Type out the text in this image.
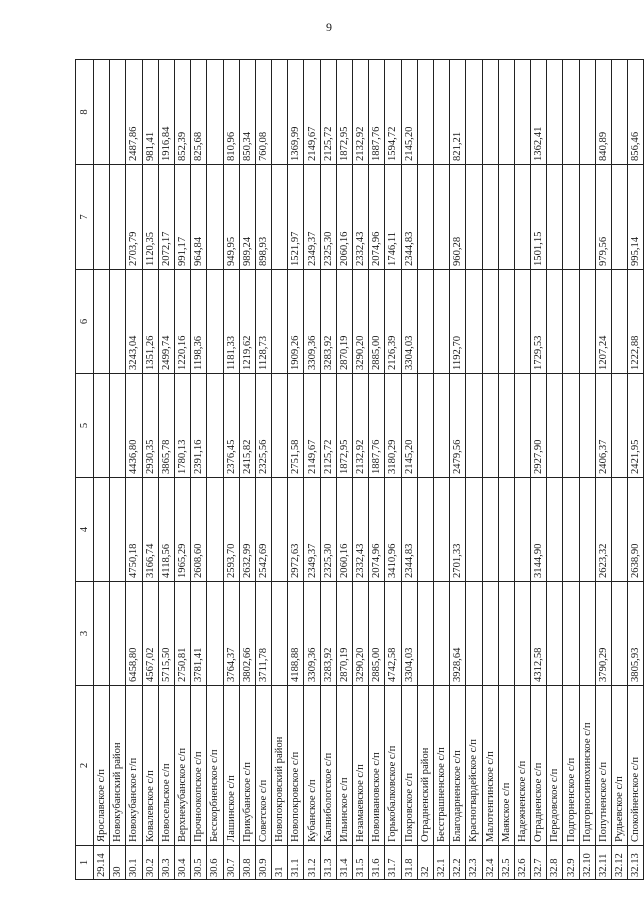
9
1	2	3	4	5	6	7	8
29.14	Ярославское с/п						
30	Новокубанский район						
30.1	Новокубанское г/п	6458,80	4750,18	4436,80	3243,04	2703,79	2487,86
30.2	Ковалевское с/п	4567,02	3166,74	2930,35	1351,26	1120,35	981,41
30.3	Новосельское с/п	5715,50	4118,56	3865,78	2499,74	2072,17	1916,84
30.4	Верхнекубанское с/п	2750,81	1965,29	1780,13	1220,16	991,17	852,39
30.5	Прочноокопское с/п	3781,41	2608,60	2391,16	1198,36	964,84	825,68
30.6	Бесскорбненское с/п						
30.7	Лашинское с/п	3764,37	2593,70	2376,45	1181,33	949,95	810,96
30.8	Прикубанское с/п	3802,66	2632,99	2415,82	1219,62	989,24	850,34
30.9	Советское с/п	3711,78	2542,69	2325,56	1128,73	898,93	760,08
31	Новопокровский район						
31.1	Новопокровское с/п	4188,88	2972,63	2751,58	1909,26	1521,97	1369,99
31.2	Кубанское с/п	3309,36	2349,37	2149,67	3309,36	2349,37	2149,67
31.3	Калнибологское с/п	3283,92	2325,30	2125,72	3283,92	2325,30	2125,72
31.4	Ильинское с/п	2870,19	2060,16	1872,95	2870,19	2060,16	1872,95
31.5	Незамаевское с/п	3290,20	2332,43	2132,92	3290,20	2332,43	2132,92
31.6	Новоивановское с/п	2885,00	2074,96	1887,76	2885,00	2074,96	1887,76
31.7	Горькобалковское с/п	4742,58	3410,96	3180,29	2126,39	1746,11	1594,72
31.8	Покровское с/п	3304,03	2344,83	2145,20	3304,03	2344,83	2145,20
32	Отрадненский район						
32.1	Бесстрашненское с/п						
32.2	Благодарненское с/п	3928,64	2701,33	2479,56	1192,70	960,28	821,21
32.3	Красногвардейское с/п						
32.4	Малотенгинское с/п						
32.5	Маякское с/п						
32.6	Надежненское с/п						
32.7	Отрадненское с/п	4312,58	3144,90	2927,90	1729,53	1501,15	1362,41
32.8	Передовское с/п						
32.9	Подгорненское с/п						
32.10	Подгорносинюхинское с/п						
32.11	Попутненское с/п	3790,29	2623,32	2406,37	1207,24	979,56	840,89
32.12	Рудьевское с/п						
32.13	Спокойненское с/п	3805,93	2638,90	2421,95	1222,88	995,14	856,46
